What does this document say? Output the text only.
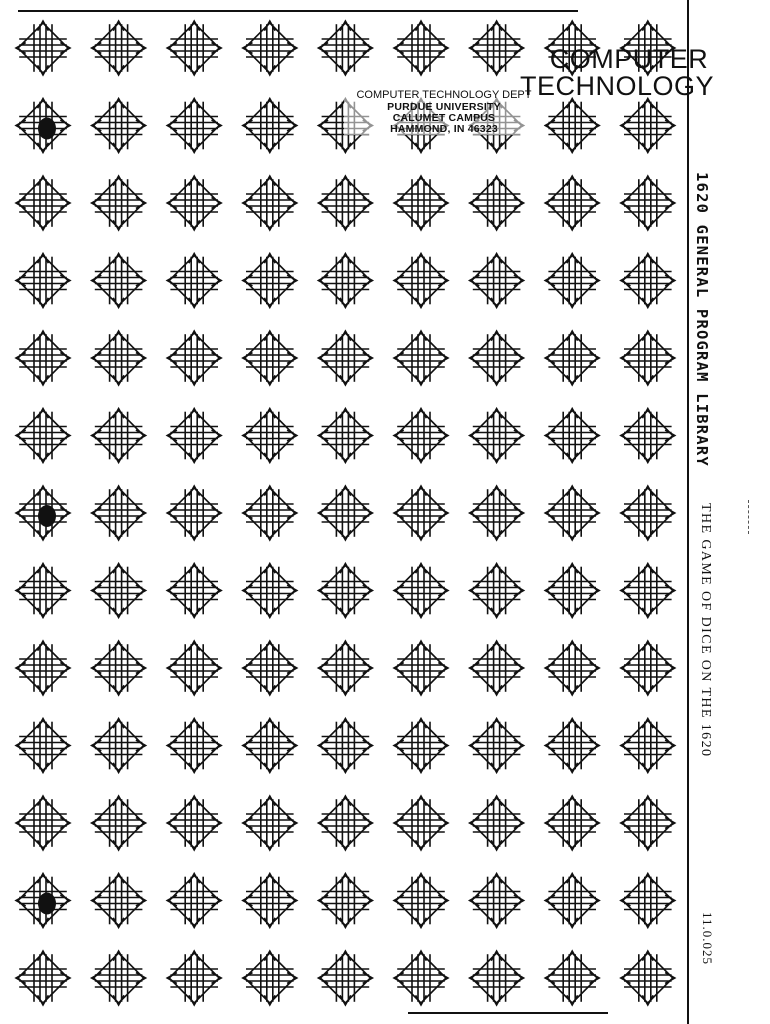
COMPUTER TECHNOLOGY DEPT
PURDUE UNIVERSITY
CALUMET CAMPUS
HAMMOND, IN 46323
COMPUTER
TECHNOLOGY
1620 GENERAL PROGRAM LIBRARY
THE GAME OF DICE ON THE 1620
11.0.025
